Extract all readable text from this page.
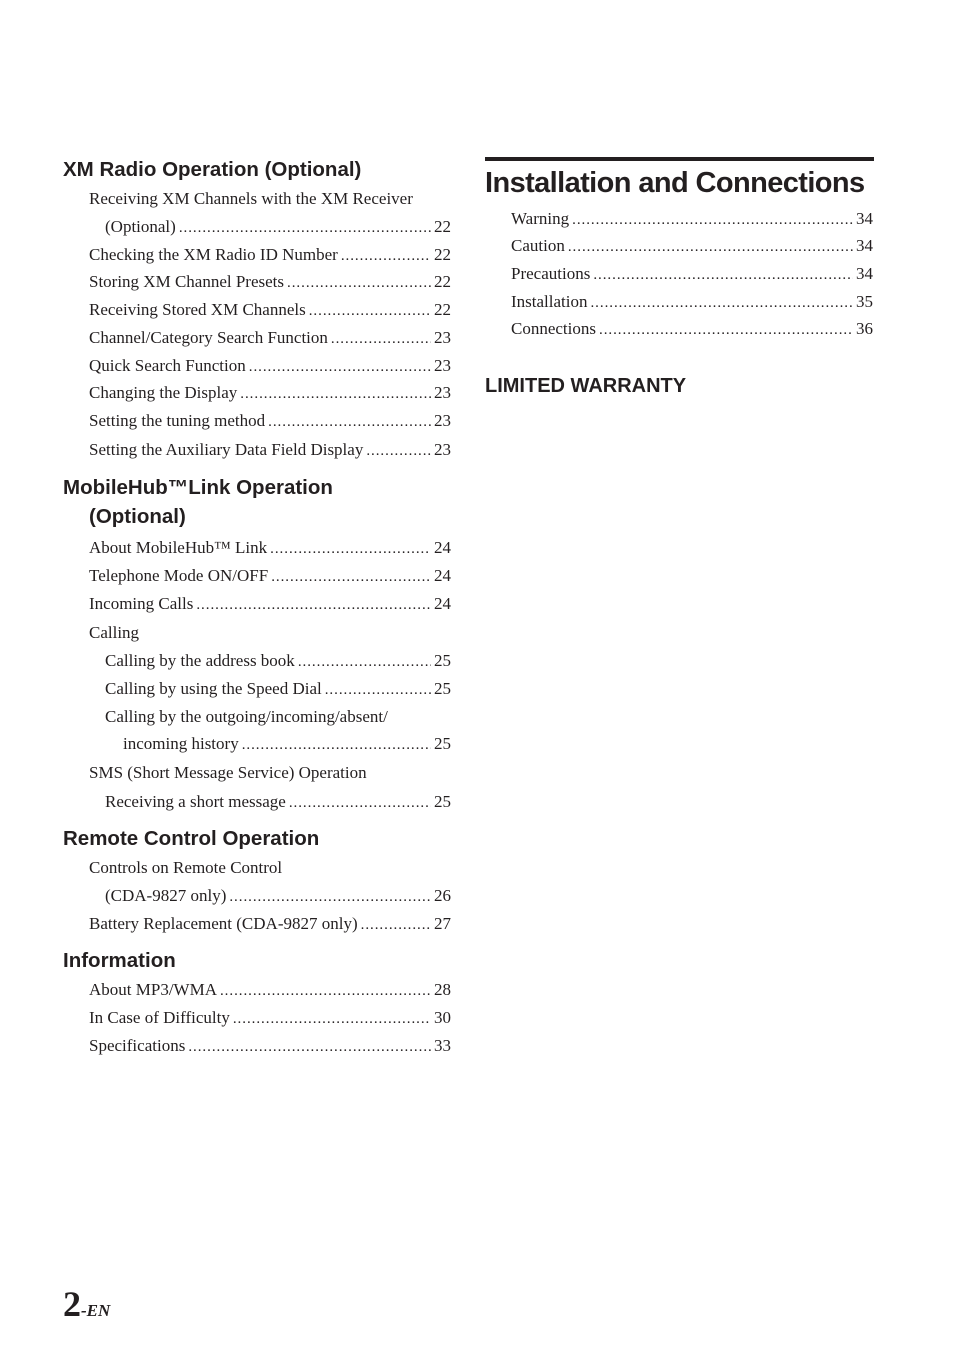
XM Radio Operation (Optional)
Receiving XM Channels with the XM Receiver
(Optional) . . .	22
Checking the XM Radio ID Number . . .	22
Storing XM Channel Presets . . .	22
Receiving Stored XM Channels . . .	22
Channel/Category Search Function . . .	23
Quick Search Function . . .	23
Changing the Display . . .	23
Setting the tuning method . . .	23
Setting the Auxiliary Data Field Display . . .	23
MobileHub™Link Operation
(Optional)
About MobileHub™ Link . . .	24
Telephone Mode ON/OFF . . .	24
Incoming Calls . . .	24
Calling
Calling by the address book . . .	25
Calling by using the Speed Dial . . .	25
Calling by the outgoing/incoming/absent/
incoming history . . .	25
SMS (Short Message Service) Operation
Receiving a short message . . .	25
Remote Control Operation
Controls on Remote Control
(CDA-9827 only) . . .	26
Battery Replacement (CDA-9827 only) . . .	27
Information
About MP3/WMA . . .	28
In Case of Difficulty . . .	30
Specifications . . .	33
Installation and Connections
Warning . . .	34
Caution . . .	34
Precautions . . .	34
Installation . . .	35
Connections . . .	36
LIMITED WARRANTY
2-EN
